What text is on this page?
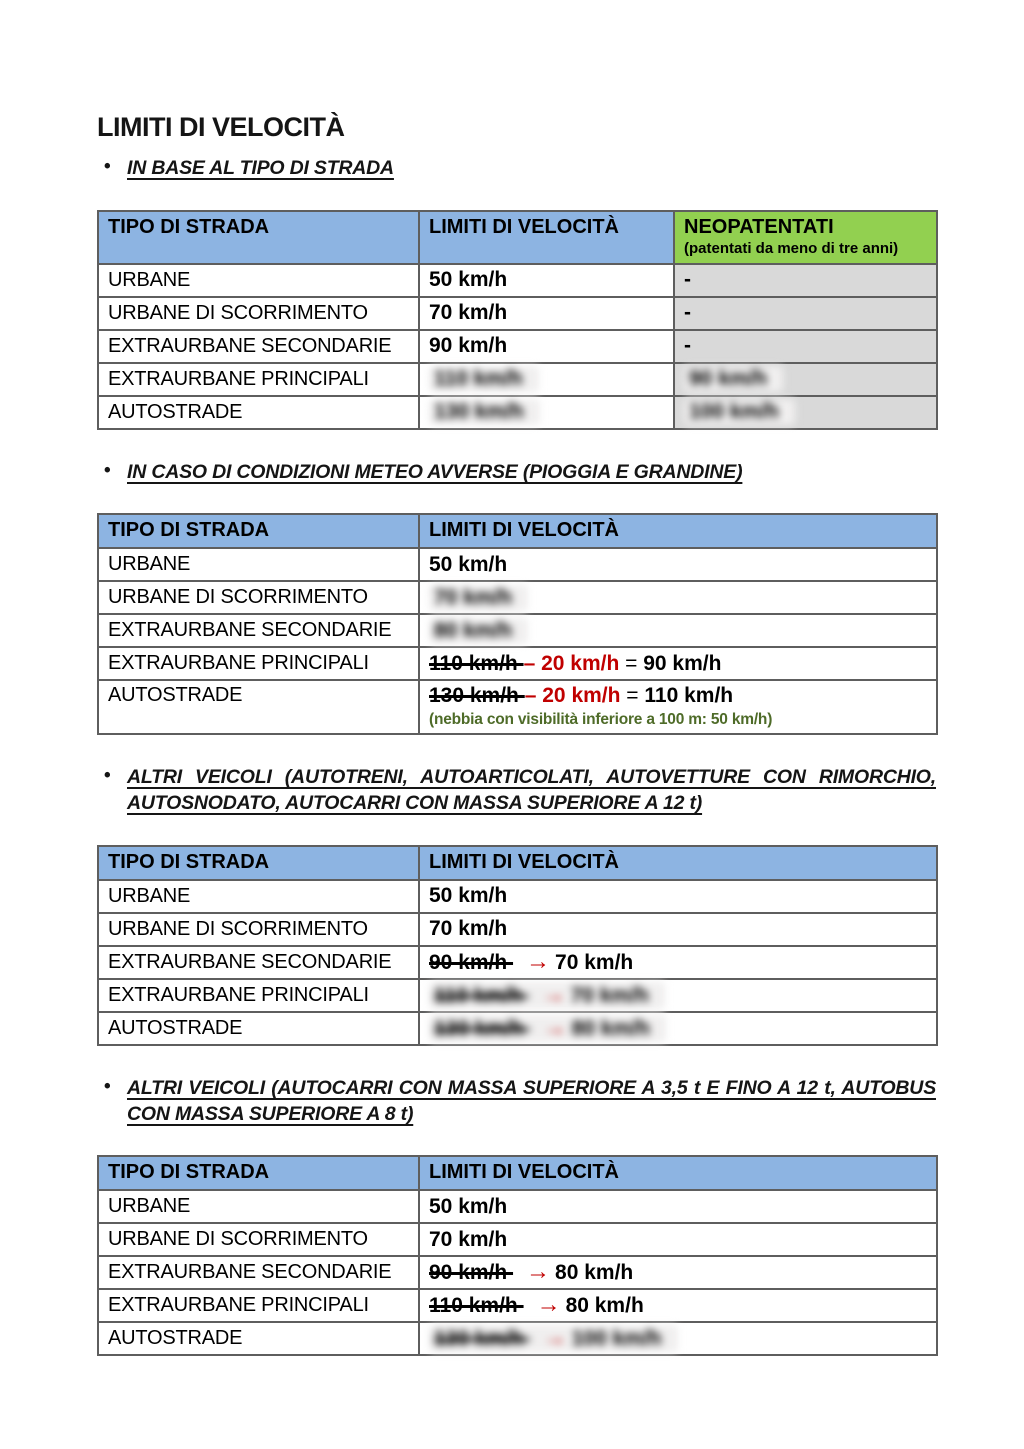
LIMITI DI VELOCITÀ
• IN BASE AL TIPO DI STRADA
TIPO DI STRADA	LIMITI DI VELOCITÀ	NEOPATENTATI
(patentati da meno di tre anni)

URBANE	50 km/h	-
URBANE DI SCORRIMENTO	70 km/h	-
EXTRAURBANE SECONDARIE	90 km/h	-
EXTRAURBANE PRINCIPALI	110 km/h	90 km/h
AUTOSTRADE	130 km/h	100 km/h
• IN CASO DI CONDIZIONI METEO AVVERSE (PIOGGIA E GRANDINE)
TIPO DI STRADA	LIMITI DI VELOCITÀ

URBANE	50 km/h
URBANE DI SCORRIMENTO	70 km/h
EXTRAURBANE SECONDARIE	80 km/h
EXTRAURBANE PRINCIPALI	110 km/h – 20 km/h = 90 km/h
AUTOSTRADE	130 km/h – 20 km/h = 110 km/h
(nebbia con visibilità inferiore a 100 m: 50 km/h)
• ALTRI VEICOLI (AUTOTRENI, AUTOARTICOLATI, AUTOVETTURE CON RIMORCHIO, AUTOSNODATO, AUTOCARRI CON MASSA SUPERIORE A 12 t)
TIPO DI STRADA	LIMITI DI VELOCITÀ

URBANE	50 km/h
URBANE DI SCORRIMENTO	70 km/h
EXTRAURBANE SECONDARIE	90 km/h → 70 km/h
EXTRAURBANE PRINCIPALI	110 km/h → 70 km/h
AUTOSTRADE	130 km/h → 80 km/h
• ALTRI VEICOLI (AUTOCARRI CON MASSA SUPERIORE A 3,5 t E FINO A 12 t, AUTOBUS CON MASSA SUPERIORE A 8 t)
TIPO DI STRADA	LIMITI DI VELOCITÀ

URBANE	50 km/h
URBANE DI SCORRIMENTO	70 km/h
EXTRAURBANE SECONDARIE	90 km/h → 80 km/h
EXTRAURBANE PRINCIPALI	110 km/h → 80 km/h
AUTOSTRADE	130 km/h → 100 km/h
